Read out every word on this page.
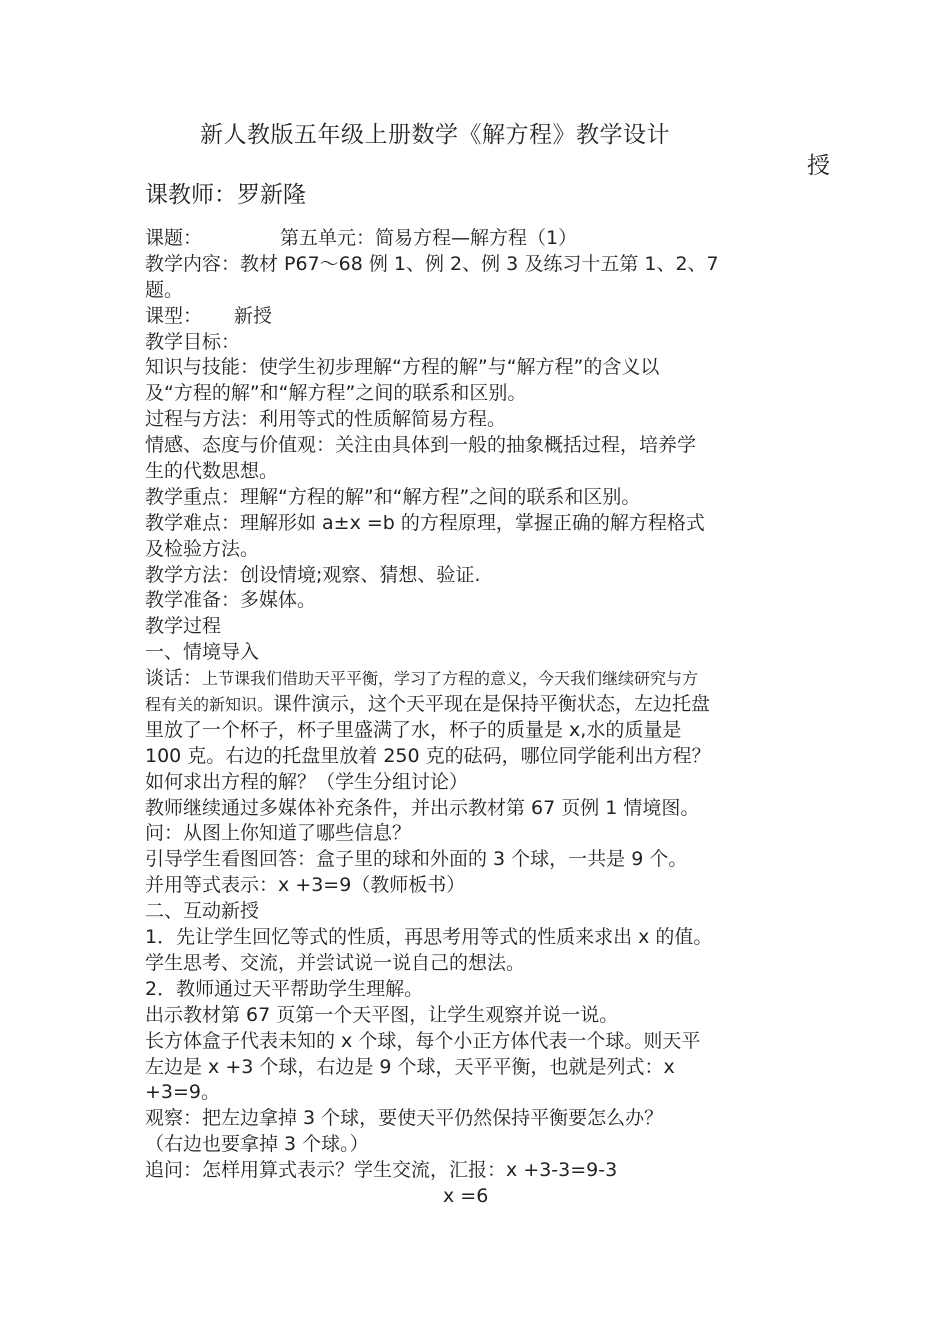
新人教版五年级上册数学《解方程》教学设计
授
课教师：罗新隆
课题：	第五单元：简易方程—解方程（1）
教学内容：教材 P67～68 例 1、例 2、例 3 及练习十五第 1、2、7
题。
课型： 新授
教学目标：
知识与技能：使学生初步理解“方程的解”与“解方程”的含义以
及“方程的解”和“解方程”之间的联系和区别。
过程与方法：利用等式的性质解简易方程。
情感、态度与价值观：关注由具体到一般的抽象概括过程，培养学
生的代数思想。
教学重点：理解“方程的解”和“解方程”之间的联系和区别。
教学难点：理解形如 a±x =b 的方程原理，掌握正确的解方程格式
及检验方法。
教学方法：创设情境;观察、猜想、验证.
教学准备：多媒体。
教学过程
一、情境导入
谈话：上节课我们借助天平平衡，学习了方程的意义，今天我们继续研究与方
程有关的新知识。课件演示，这个天平现在是保持平衡状态，左边托盘
里放了一个杯子，杯子里盛满了水，杯子的质量是 x,水的质量是
100 克。右边的托盘里放着 250 克的砝码，哪位同学能利出方程？
如何求出方程的解？（学生分组讨论）
教师继续通过多媒体补充条件，并出示教材第 67 页例 1 情境图。
问：从图上你知道了哪些信息？
引导学生看图回答：盒子里的球和外面的 3 个球，一共是 9 个。
并用等式表示：x +3=9（教师板书）
二、互动新授
1．先让学生回忆等式的性质，再思考用等式的性质来求出 x 的值。
学生思考、交流，并尝试说一说自己的想法。
2．教师通过天平帮助学生理解。
出示教材第 67 页第一个天平图，让学生观察并说一说。
长方体盒子代表未知的 x 个球，每个小正方体代表一个球。则天平
左边是 x +3 个球，右边是 9 个球，天平平衡，也就是列式：x
+3=9。
观察：把左边拿掉 3 个球，要使天平仍然保持平衡要怎么办？
（右边也要拿掉 3 个球。）
追问：怎样用算式表示？学生交流，汇报：x +3-3=9-3
x =6
